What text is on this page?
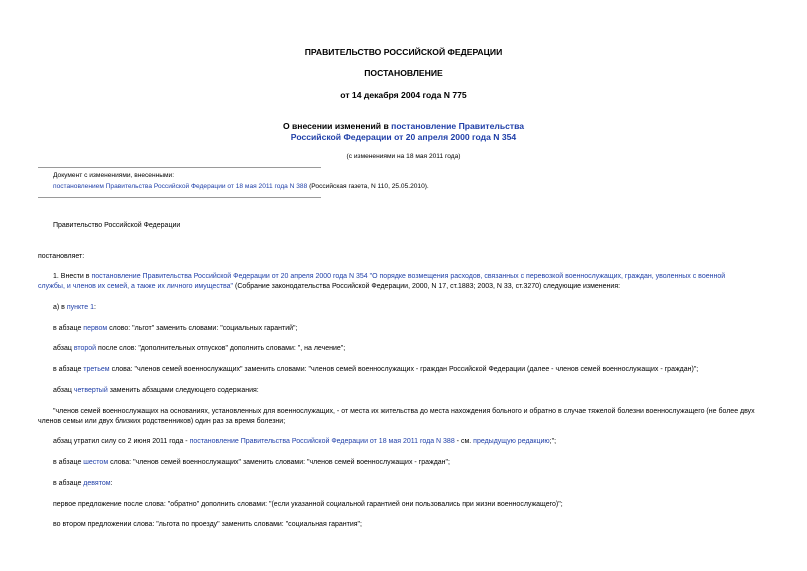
ПРАВИТЕЛЬСТВО РОССИЙСКОЙ ФЕДЕРАЦИИ
ПОСТАНОВЛЕНИЕ
от 14 декабря 2004 года N 775
О внесении изменений в постановление Правительства
Российской Федерации от 20 апреля 2000 года N 354
(с изменениями на 18 мая 2011 года)
Документ с изменениями, внесенными:
постановлением Правительства Российской Федерации от 18 мая 2011 года N 388 (Российская газета, N 110, 25.05.2010).
Правительство Российской Федерации
постановляет:
1. Внести в постановление Правительства Российской Федерации от 20 апреля 2000 года N 354 "О порядке возмещения расходов, связанных с перевозкой военнослужащих, граждан, уволенных с военной
службы, и членов их семей, а также их личного имущества" (Собрание законодательства Российской Федерации, 2000, N 17, ст.1883; 2003, N 33, ст.3270) следующие изменения:
а) в пункте 1:
в абзаце первом слово: "льгот" заменить словами: "социальных гарантий";
абзац второй после слов: "дополнительных отпусков" дополнить словами: ", на лечение";
в абзаце третьем слова: "членов семей военнослужащих" заменить словами: "членов семей военнослужащих - граждан Российской Федерации (далее - членов семей военнослужащих - граждан)";
абзац четвертый заменить абзацами следующего содержания:
"членов семей военнослужащих на основаниях, установленных для военнослужащих, - от места их жительства до места нахождения больного и обратно в случае тяжелой болезни военнослужащего (не более двух
членов семьи или двух близких родственников) один раз за время болезни;
абзац утратил силу со 2 июня 2011 года - постановление Правительства Российской Федерации от 18 мая 2011 года N 388 - см. предыдущую редакцию;";
в абзаце шестом слова: "членов семей военнослужащих" заменить словами: "членов семей военнослужащих - граждан";
в абзаце девятом:
первое предложение после слова: "обратно" дополнить словами: "(если указанной социальной гарантией они пользовались при жизни военнослужащего)";
во втором предложении слова: "льгота по проезду" заменить словами: "социальная гарантия";
